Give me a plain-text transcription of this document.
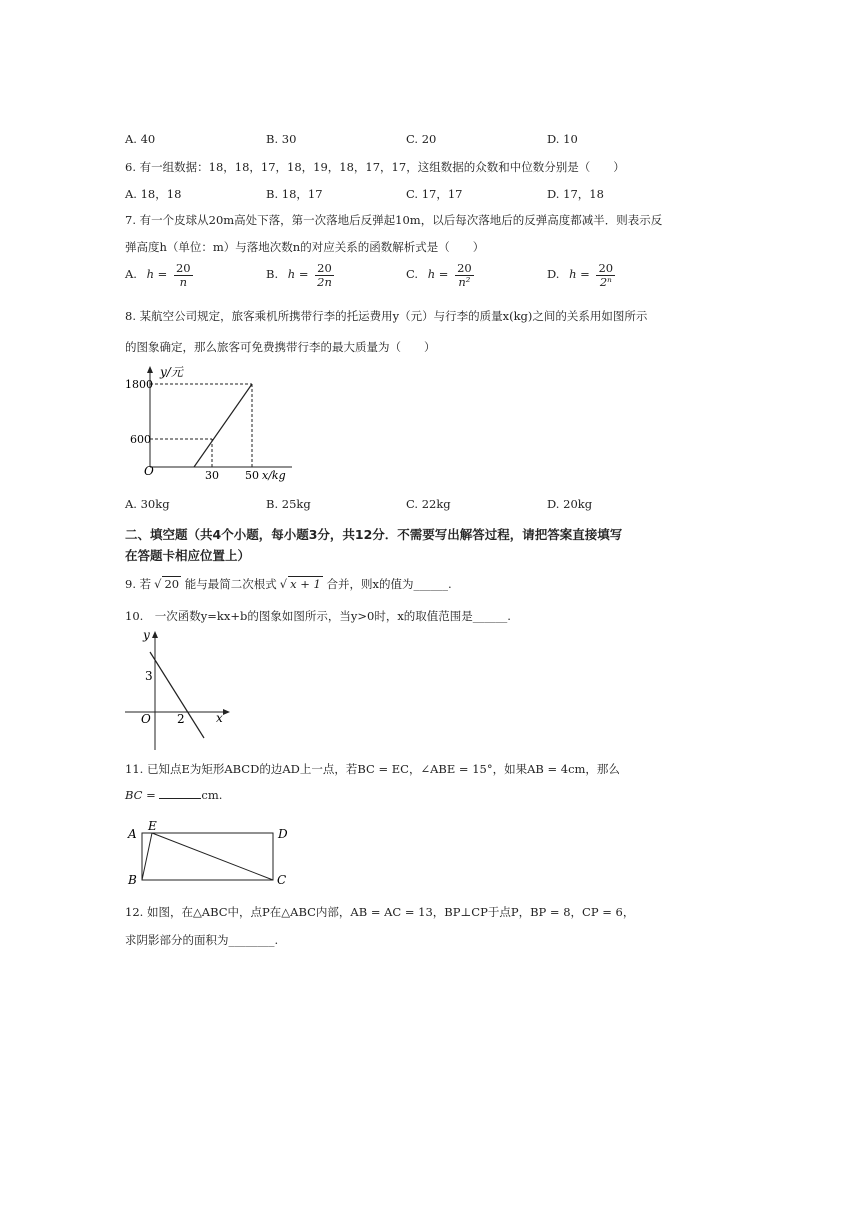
A. 40	B. 30	C. 20	D. 10
6. 有一组数据：18，18，17，18，19，18，17，17，这组数据的众数和中位数分别是（　　）
A. 18，18	B. 18，17	C. 17，17	D. 17，18
7. 有一个皮球从20m高处下落，第一次落地后反弹起10m，以后每次落地后的反弹高度都减半．则表示反
弹高度h（单位：m）与落地次数n的对应关系的函数解析式是（　　）
A. $h = \frac{20}{n}$	B. $h = \frac{20}{2n}$	C. $h = \frac{20}{\text{n²}}$	D. $h = \frac{20}{\text{2ⁿ}}$
8. 某航空公司规定，旅客乘机所携带行李的托运费用y（元）与行李的质量x(kg)之间的关系用如图所示
的图象确定，那么旅客可免费携带行李的最大质量为（　　）
y/元
1800
600
O	30 50 x/kg
A. 30kg	B. 25kg	C. 22kg	D. 20kg
二、填空题（共4个小题，每小题3分，共12分．不需要写出解答过程，请把答案直接填写
在答题卡相应位置上）
9. 若 √ 20 能与最简二次根式 √ x + 1 合并，则x的值为______.
10.　一次函数y=kx+b的图象如图所示，当y>0时，x的取值范围是______.
y
x
3
2
O
11. 已知点E为矩形ABCD的边AD上一点，若BC = EC，∠ABE = 15°，如果AB = 4cm，那么
BC =	cm.
A
E
D
B	C
12. 如图，在△ABC中，点P在△ABC内部，AB = AC = 13，BP⊥CP于点P，BP = 8，CP = 6，
求阴影部分的面积为________.
